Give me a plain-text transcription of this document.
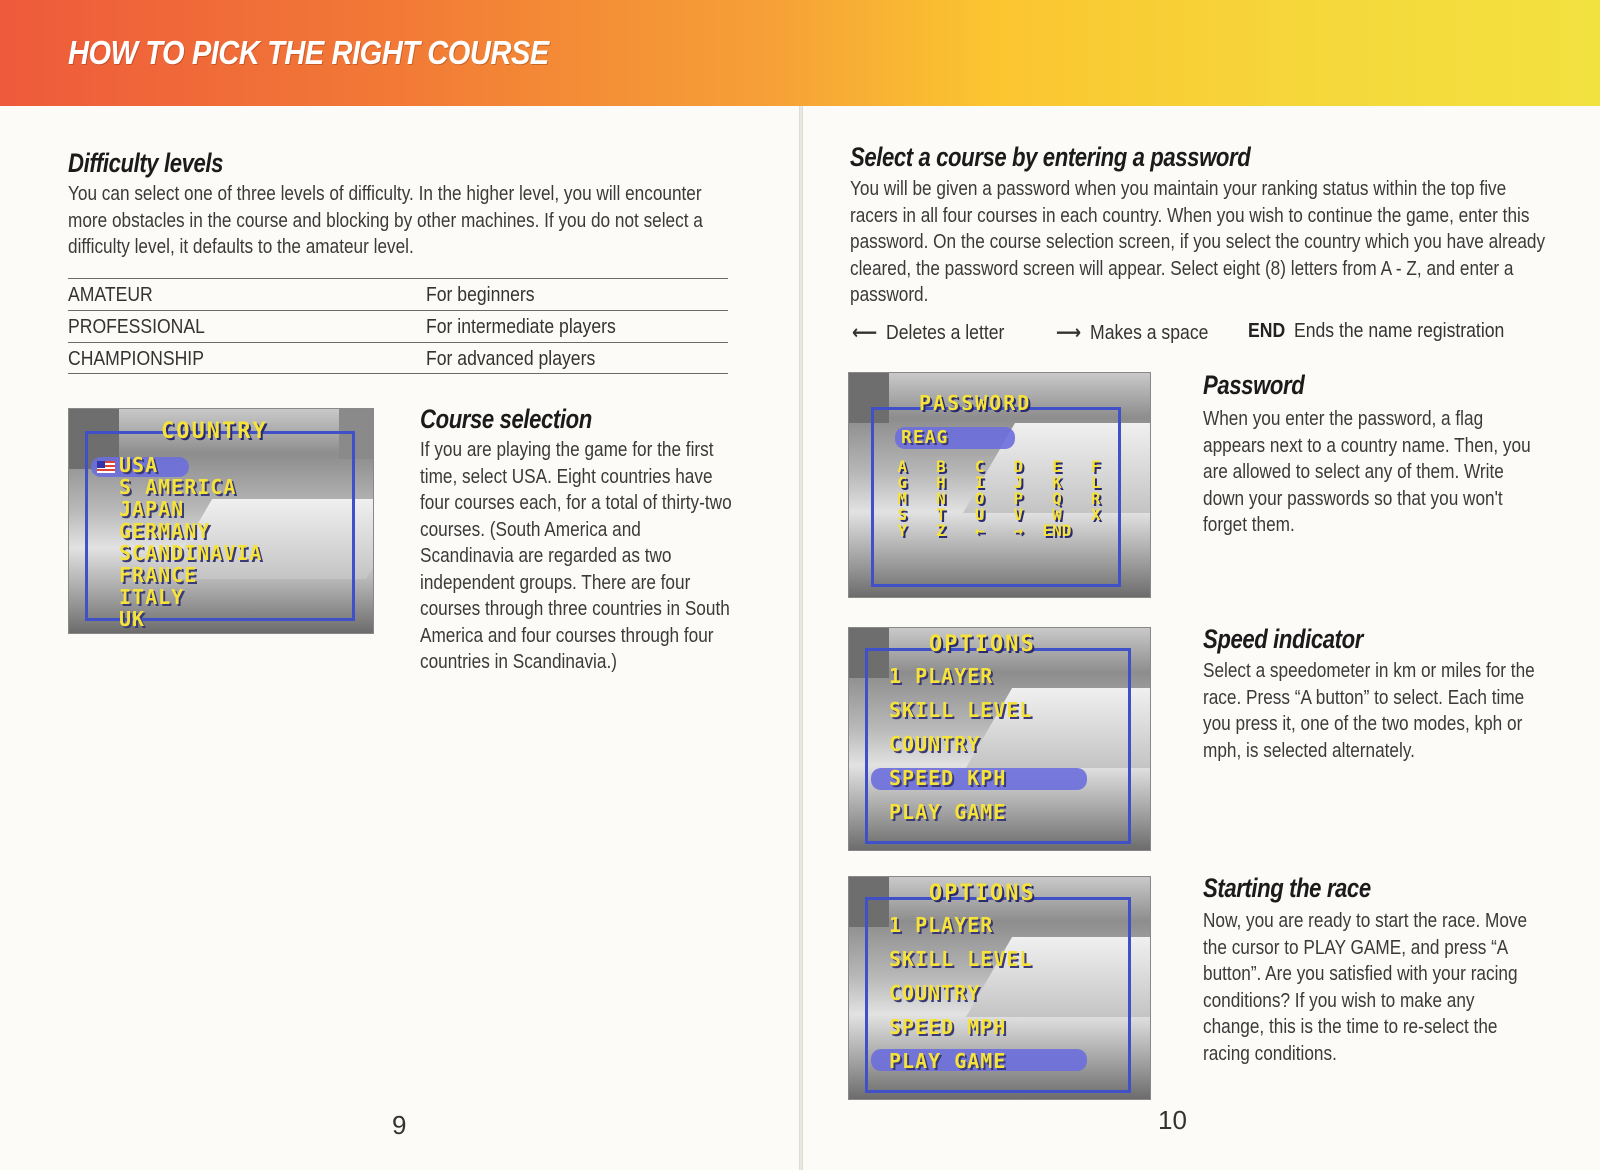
HOW TO PICK THE RIGHT COURSE
Difficulty levels
You can select one of three levels of difficulty. In the higher level, you will encounter more obstacles in the course and blocking by other machines. If you do not select a difficulty level, it defaults to the amateur level.
AMATEUR	For beginners
PROFESSIONAL	For intermediate players
CHAMPIONSHIP	For advanced players
COUNTRY
USA
S AMERICA
JAPAN
GERMANY
SCANDINAVIA
FRANCE
ITALY
UK
Course selection
If you are playing the game for the first time, select USA. Eight countries have four courses each, for a total of thirty-two courses. (South America and Scandinavia are regarded as two independent groups. There are four courses through three countries in South America and four courses through four countries in Scandinavia.)
9
Select a course by entering a password
You will be given a password when you maintain your ranking status within the top five racers in all four courses in each country. When you wish to continue the game, enter this password. On the course selection screen, if you select the country which you have already cleared, the password screen will appear. Select eight (8) letters from A - Z, and enter a password.
⟵ Deletes a letter	⟶ Makes a space END Ends the name registration
PASSWORD
REAG
A	B	C	D	E	F
G	H	I	J	K	L
M	N	O	P	Q	R
S	T	U	V	W	X
Y	Z	←	→	END
Password
When you enter the password, a flag appears next to a country name. Then, you are allowed to select any of them. Write down your passwords so that you won't forget them.
OPTIONS
1 PLAYER
SKILL LEVEL
COUNTRY
SPEED KPH
PLAY GAME
Speed indicator
Select a speedometer in km or miles for the race. Press “A button” to select. Each time you press it, one of the two modes, kph or mph, is selected alternately.
OPTIONS
1 PLAYER
SKILL LEVEL
COUNTRY
SPEED MPH
PLAY GAME
Starting the race
Now, you are ready to start the race. Move the cursor to PLAY GAME, and press “A button”. Are you satisfied with your racing conditions? If you wish to make any change, this is the time to re-select the racing conditions.
10
